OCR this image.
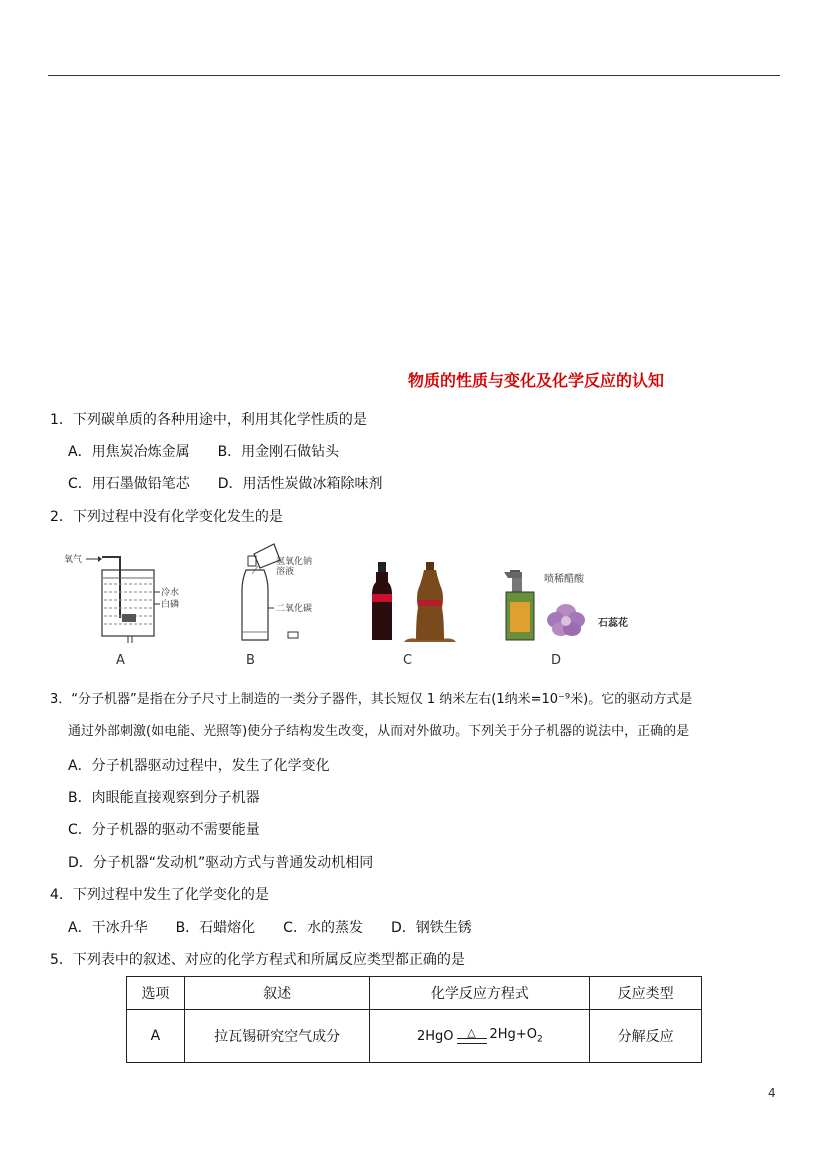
物质的性质与变化及化学反应的认知
1．下列碳单质的各种用途中，利用其化学性质的是
A．用焦炭冶炼金属　　B．用金刚石做钻头
C．用石墨做铅笔芯　　D．用活性炭做冰箱除味剂
2．下列过程中没有化学变化发生的是
氧气
冷水
白磷
A
氢氧化钠
溶液
二氧化碳
B	C
喷稀醋酸
石蕊花
D
3．“分子机器”是指在分子尺寸上制造的一类分子器件，其长短仅 1 纳米左右(1纳米=10⁻⁹米)。它的驱动方式是
通过外部刺激(如电能、光照等)使分子结构发生改变，从而对外做功。下列关于分子机器的说法中，正确的是
A．分子机器驱动过程中，发生了化学变化
B．肉眼能直接观察到分子机器
C．分子机器的驱动不需要能量
D．分子机器“发动机”驱动方式与普通发动机相同
4．下列过程中发生了化学变化的是
A．干冰升华　　B．石蜡熔化　　C．水的蒸发　　D．钢铁生锈
5．下列表中的叙述、对应的化学方程式和所属反应类型都正确的是
选项	叙述	化学反应方程式	反应类型
A	拉瓦锡研究空气成分	2HgO △ $2Hg+O_2$	分解反应
4
